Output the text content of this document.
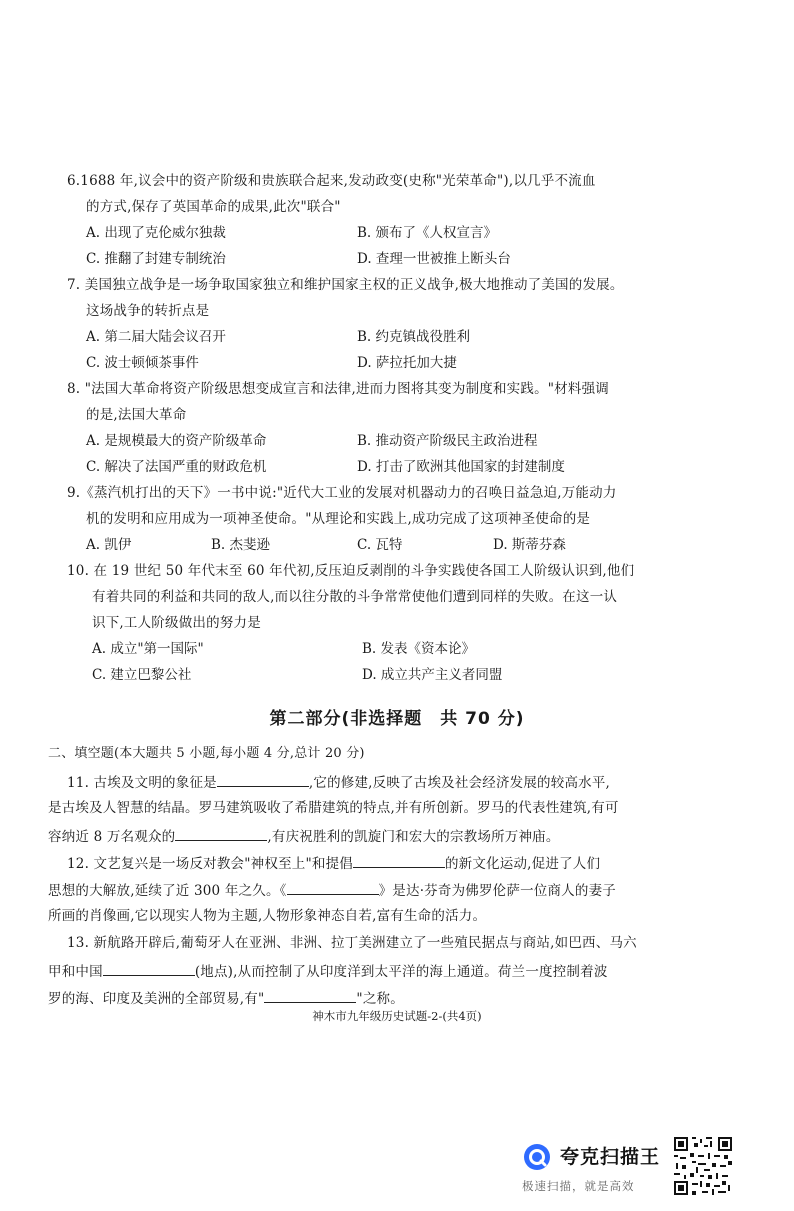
6.1688 年,议会中的资产阶级和贵族联合起来,发动政变(史称"光荣革命"),以几乎不流血
的方式,保存了英国革命的成果,此次"联合"
A. 出现了克伦威尔独裁	B. 颁布了《人权宣言》
C. 推翻了封建专制统治	D. 查理一世被推上断头台
7. 美国独立战争是一场争取国家独立和维护国家主权的正义战争,极大地推动了美国的发展。
这场战争的转折点是
A. 第二届大陆会议召开	B. 约克镇战役胜利
C. 波士顿倾茶事件	D. 萨拉托加大捷
8. "法国大革命将资产阶级思想变成宣言和法律,进而力图将其变为制度和实践。"材料强调
的是,法国大革命
A. 是规模最大的资产阶级革命	B. 推动资产阶级民主政治进程
C. 解决了法国严重的财政危机	D. 打击了欧洲其他国家的封建制度
9.《蒸汽机打出的天下》一书中说:"近代大工业的发展对机器动力的召唤日益急迫,万能动力
机的发明和应用成为一项神圣使命。"从理论和实践上,成功完成了这项神圣使命的是
A. 凯伊	B. 杰斐逊	C. 瓦特	D. 斯蒂芬森
10. 在 19 世纪 50 年代末至 60 年代初,反压迫反剥削的斗争实践使各国工人阶级认识到,他们
有着共同的利益和共同的敌人,而以往分散的斗争常常使他们遭到同样的失败。在这一认
识下,工人阶级做出的努力是
A. 成立"第一国际"	B. 发表《资本论》
C. 建立巴黎公社	D. 成立共产主义者同盟
第二部分(非选择题　共 70 分)
二、填空题(本大题共 5 小题,每小题 4 分,总计 20 分)
11. 古埃及文明的象征是	,它的修建,反映了古埃及社会经济发展的较高水平,
是古埃及人智慧的结晶。罗马建筑吸收了希腊建筑的特点,并有所创新。罗马的代表性建筑,有可
容纳近 8 万名观众的	,有庆祝胜利的凯旋门和宏大的宗教场所万神庙。
12. 文艺复兴是一场反对教会"神权至上"和提倡	的新文化运动,促进了人们
思想的大解放,延续了近 300 年之久。《	》是达·芬奇为佛罗伦萨一位商人的妻子
所画的肖像画,它以现实人物为主题,人物形象神态自若,富有生命的活力。
13. 新航路开辟后,葡萄牙人在亚洲、非洲、拉丁美洲建立了一些殖民据点与商站,如巴西、马六
甲和中国	(地点),从而控制了从印度洋到太平洋的海上通道。荷兰一度控制着波
罗的海、印度及美洲的全部贸易,有"	"之称。
神木市九年级历史试题-2-(共4页)
夸克扫描王
极速扫描，就是高效
